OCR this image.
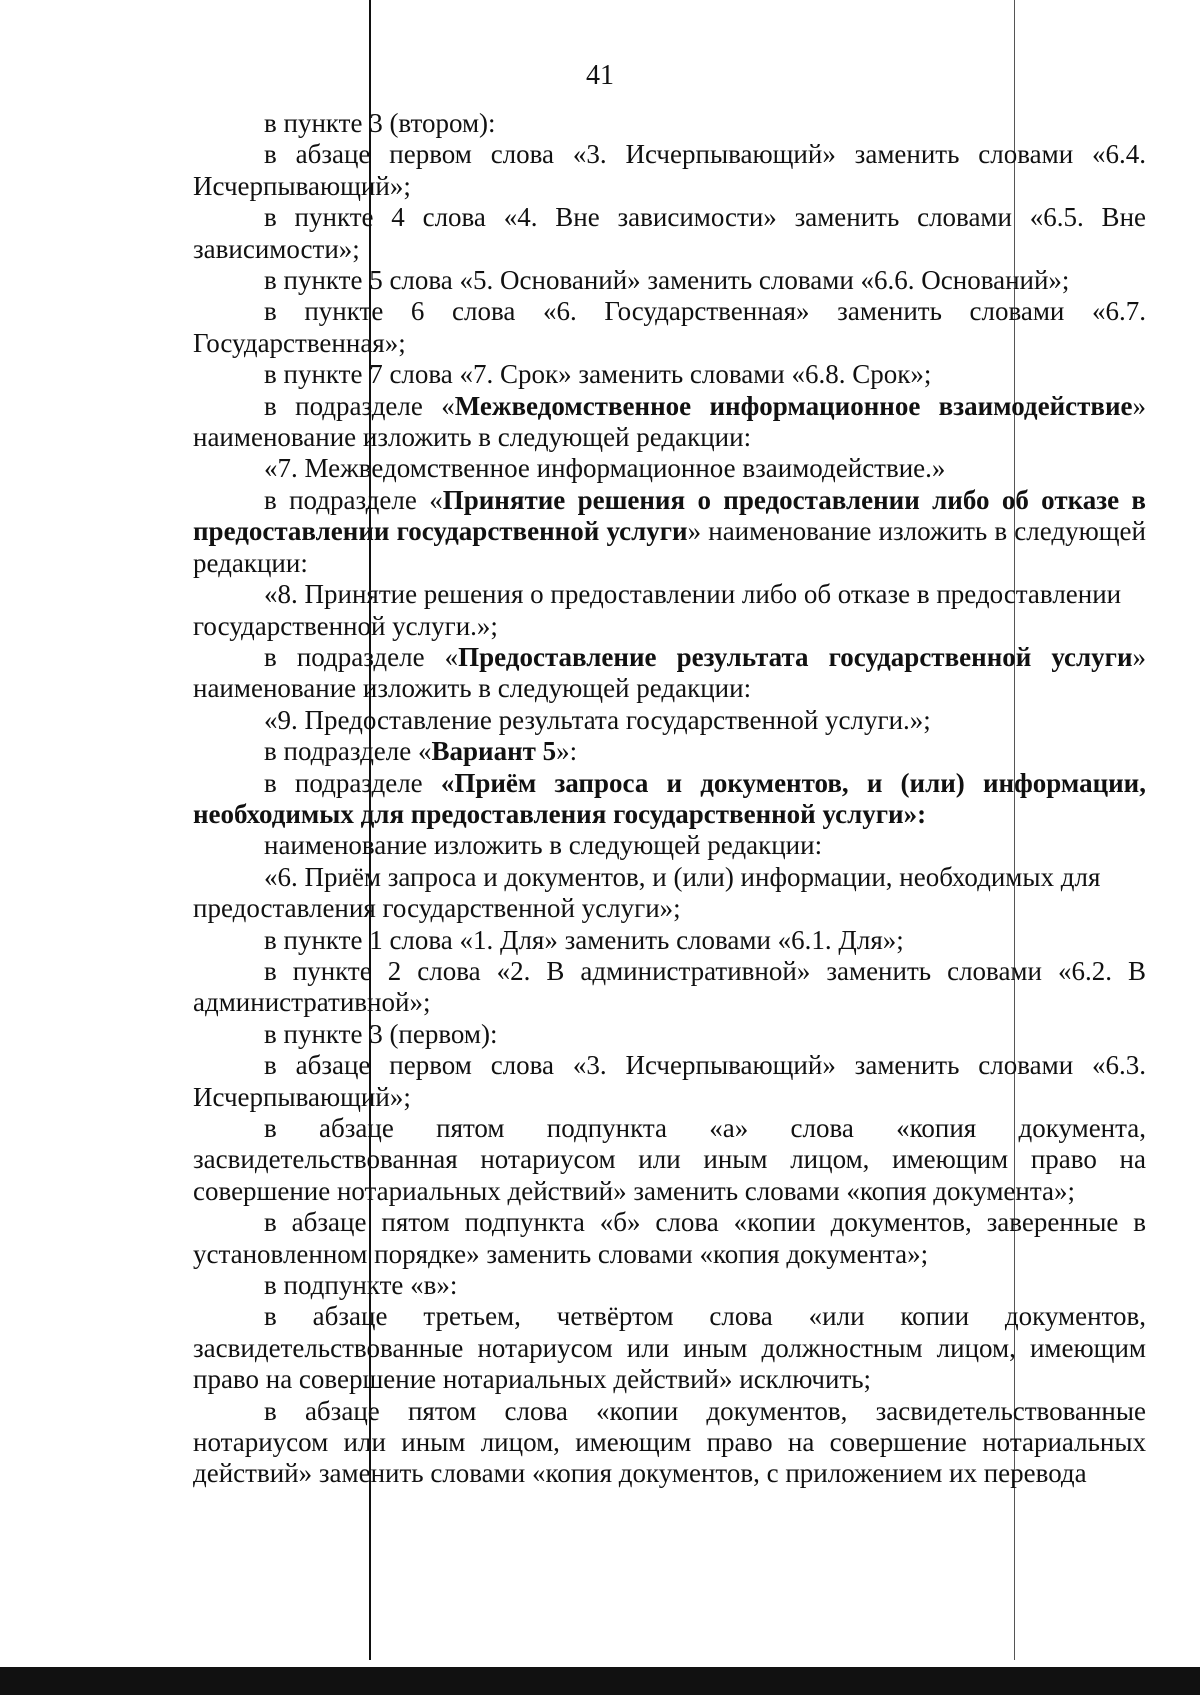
41

в пункте 3 (втором):

в абзаце первом слова «3. Исчерпывающий» заменить словами «6.4. Исчерпывающий»;

в пункте 4 слова «4. Вне зависимости» заменить словами «6.5. Вне зависимости»;

в пункте 5 слова «5. Оснований» заменить словами «6.6. Оснований»;

в пункте 6 слова «6. Государственная» заменить словами «6.7. Государственная»;

в пункте 7 слова «7. Срок» заменить словами «6.8. Срок»;

в подразделе «Межведомственное информационное взаимодействие» наименование изложить в следующей редакции:

«7. Межведомственное информационное взаимодействие.»

в подразделе «Принятие решения о предоставлении либо об отказе в предоставлении государственной услуги» наименование изложить в следующей редакции:

«8. Принятие решения о предоставлении либо об отказе в предоставлении государственной услуги.»;

в подразделе «Предоставление результата государственной услуги» наименование изложить в следующей редакции:

«9. Предоставление результата государственной услуги.»;

в подразделе «Вариант 5»:

в подразделе «Приём запроса и документов, и (или) информации, необходимых для предоставления государственной услуги»:

наименование изложить в следующей редакции:

«6. Приём запроса и документов, и (или) информации, необходимых для предоставления государственной услуги»;

в пункте 1 слова «1. Для» заменить словами «6.1. Для»;

в пункте 2 слова «2. В административной» заменить словами «6.2. В административной»;

в пункте 3 (первом):

в абзаце первом слова «3. Исчерпывающий» заменить словами «6.3. Исчерпывающий»;

в абзаце пятом подпункта «а» слова «копия документа, засвидетельствованная нотариусом или иным лицом, имеющим право на совершение нотариальных действий» заменить словами «копия документа»;

в абзаце пятом подпункта «б» слова «копии документов, заверенные в установленном порядке» заменить словами «копия документа»;

в подпункте «в»:

в абзаце третьем, четвёртом слова «или копии документов, засвидетельствованные нотариусом или иным должностным лицом, имеющим право на совершение нотариальных действий» исключить;

в абзаце пятом слова «копии документов, засвидетельствованные нотариусом или иным лицом, имеющим право на совершение нотариальных действий» заменить словами «копия документов, с приложением их перевода
